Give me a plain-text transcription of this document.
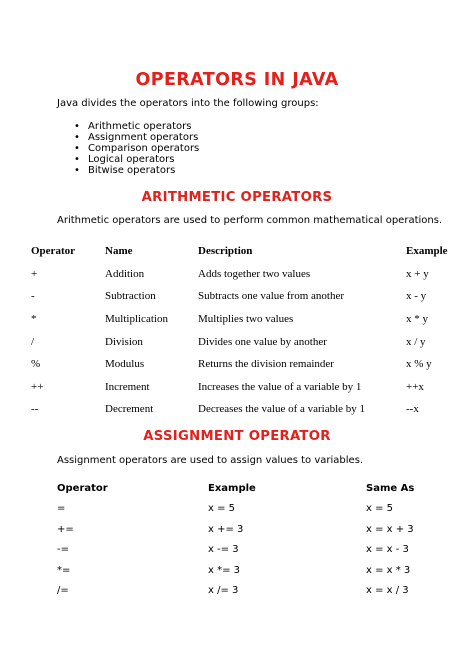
OPERATORS IN JAVA
Java divides the operators into the following groups:
• Arithmetic operators
• Assignment operators
• Comparison operators
• Logical operators
• Bitwise operators
ARITHMETIC OPERATORS
Arithmetic operators are used to perform common mathematical operations.
Operator	Name	Description	Example
+	Addition	Adds together two values	x + y
-	Subtraction	Subtracts one value from another	x - y
*	Multiplication	Multiplies two values	x * y
/	Division	Divides one value by another	x / y
%	Modulus	Returns the division remainder	x % y
++	Increment	Increases the value of a variable by 1	++x
--	Decrement	Decreases the value of a variable by 1	--x
ASSIGNMENT OPERATOR
Assignment operators are used to assign values to variables.
Operator	Example	Same As
=	x = 5	x = 5
+=	x += 3	x = x + 3
-=	x -= 3	x = x - 3
*=	x *= 3	x = x * 3
/=	x /= 3	x = x / 3
